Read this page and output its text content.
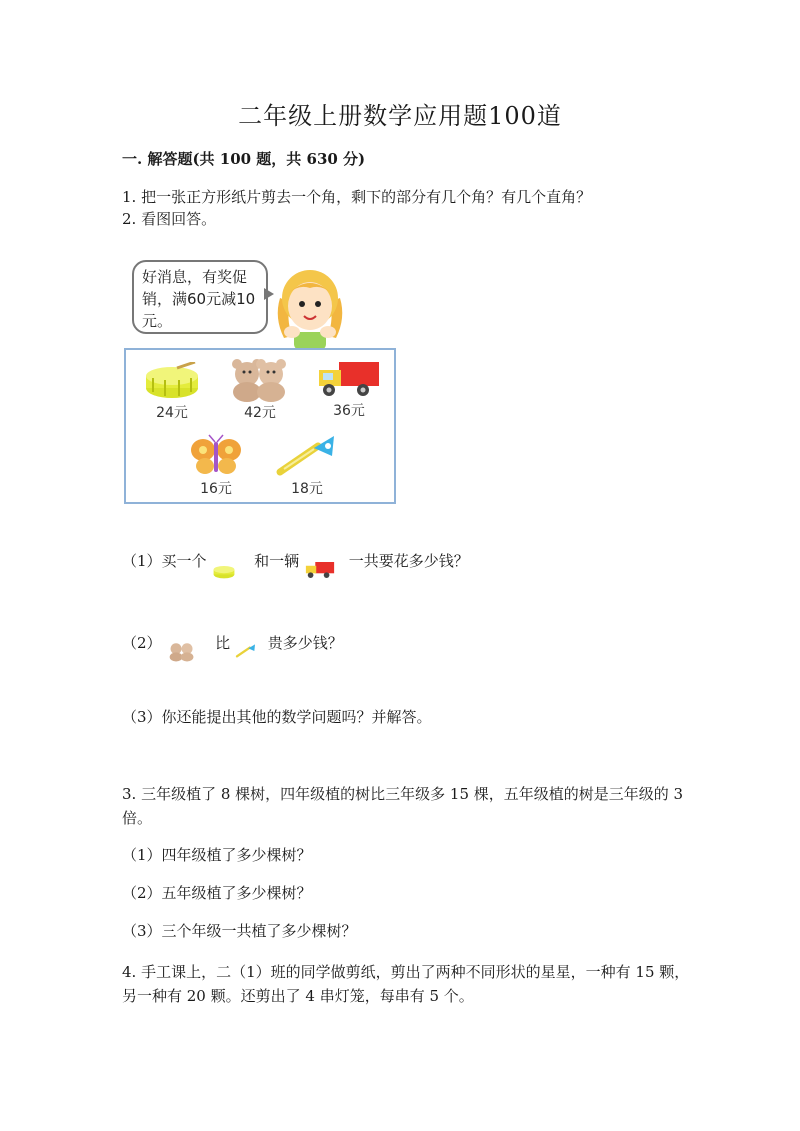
二年级上册数学应用题100道
一. 解答题(共 100 题，共 630 分)
1. 把一张正方形纸片剪去一个角，剩下的部分有几个角？有几个直角？
2. 看图回答。
好消息，有奖促销，满60元减10元。
24元	42元	36元
16元	18元
（1）买一个	和一辆	一共要花多少钱？
（2）	比	贵多少钱？
（3）你还能提出其他的数学问题吗？并解答。
3. 三年级植了 8 棵树，四年级植的树比三年级多 15 棵，五年级植的树是三年级的 3 倍。
（1）四年级植了多少棵树？
（2）五年级植了多少棵树？
（3）三个年级一共植了多少棵树？
4. 手工课上，二（1）班的同学做剪纸，剪出了两种不同形状的星星，一种有 15 颗，另一种有 20 颗。还剪出了 4 串灯笼，每串有 5 个。
